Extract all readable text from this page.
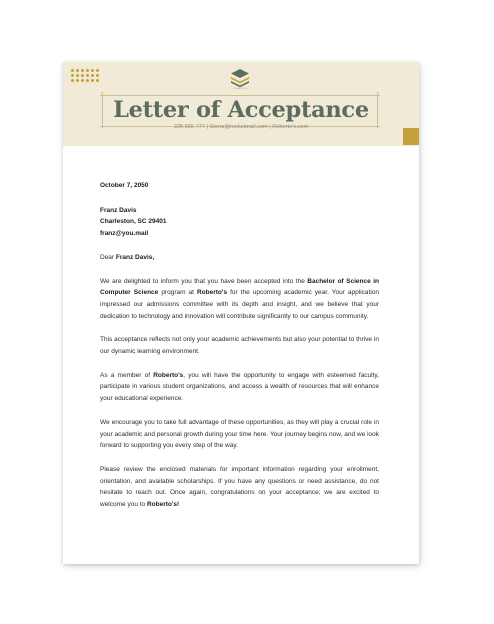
ROBERTO'S
Letter of Acceptance
225 555 777 | Sierra@rocketmail.com | Roberto's.com

October 7, 2050

Franz Davis

Charleston, SC 29401

franz@you.mail

Dear Franz Davis,

We are delighted to inform you that you have been accepted into the Bachelor of Science in Computer Science program at Roberto's for the upcoming academic year. Your application impressed our admissions committee with its depth and insight, and we believe that your dedication to technology and innovation will contribute significantly to our campus community.

This acceptance reflects not only your academic achievements but also your potential to thrive in our dynamic learning environment.

As a member of Roberto's, you will have the opportunity to engage with esteemed faculty, participate in various student organizations, and access a wealth of resources that will enhance your educational experience.

We encourage you to take full advantage of these opportunities, as they will play a crucial role in your academic and personal growth during your time here. Your journey begins now, and we look forward to supporting you every step of the way.

Please review the enclosed materials for important information regarding your enrollment, orientation, and available scholarships. If you have any questions or need assistance, do not hesitate to reach out. Once again, congratulations on your acceptance; we are excited to welcome you to Roberto's!
